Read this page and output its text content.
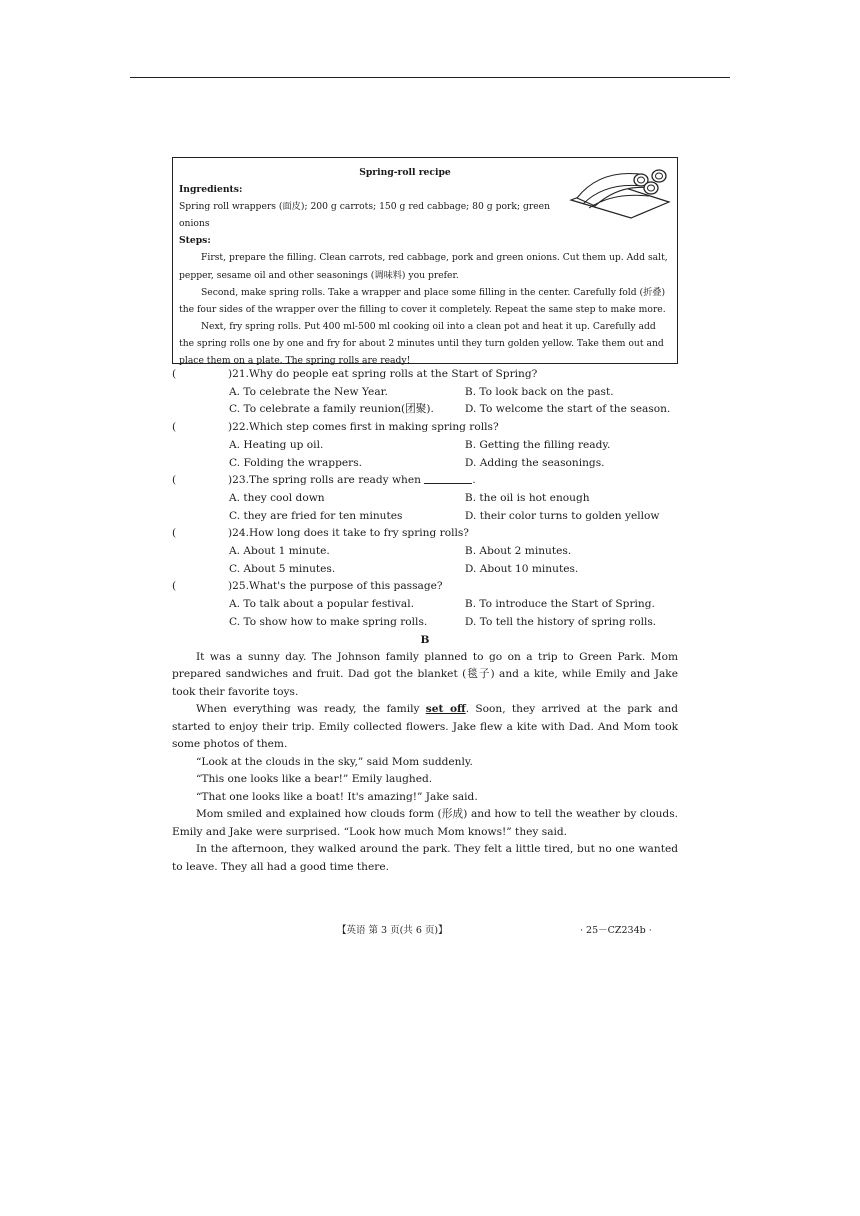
Spring-roll recipe
Ingredients:
Spring roll wrappers (面皮); 200 g carrots; 150 g red cabbage; 80 g pork; green onions
Steps:
First, prepare the filling. Clean carrots, red cabbage, pork and green onions. Cut them up. Add salt, pepper, sesame oil and other seasonings (调味料) you prefer.
Second, make spring rolls. Take a wrapper and place some filling in the center. Carefully fold (折叠) the four sides of the wrapper over the filling to cover it completely. Repeat the same step to make more.
Next, fry spring rolls. Put 400 ml-500 ml cooking oil into a clean pot and heat it up. Carefully add the spring rolls one by one and fry for about 2 minutes until they turn golden yellow. Take them out and place them on a plate. The spring rolls are ready!
(	)21. Why do people eat spring rolls at the Start of Spring?
A. To celebrate the New Year.	B. To look back on the past.
C. To celebrate a family reunion(团聚).	D. To welcome the start of the season.
(	)22. Which step comes first in making spring rolls?
A. Heating up oil.	B. Getting the filling ready.
C. Folding the wrappers.	D. Adding the seasonings.
(	)23. The spring rolls are ready when
	.
A. they cool down	B. the oil is hot enough
C. they are fried for ten minutes	D. their color turns to golden yellow
(	)24. How long does it take to fry spring rolls?
A. About 1 minute.	B. About 2 minutes.
C. About 5 minutes.	D. About 10 minutes.
(	)25. What's the purpose of this passage?
A. To talk about a popular festival.	B. To introduce the Start of Spring.
C. To show how to make spring rolls.	D. To tell the history of spring rolls.
B

It was a sunny day. The Johnson family planned to go on a trip to Green Park. Mom prepared sandwiches and fruit. Dad got the blanket (毯子) and a kite, while Emily and Jake took their favorite toys.

When everything was ready, the family set off. Soon, they arrived at the park and started to enjoy their trip. Emily collected flowers. Jake flew a kite with Dad. And Mom took some photos of them.

“Look at the clouds in the sky,” said Mom suddenly.

“This one looks like a bear!” Emily laughed.

“That one looks like a boat! It's amazing!” Jake said.

Mom smiled and explained how clouds form (形成) and how to tell the weather by clouds. Emily and Jake were surprised. “Look how much Mom knows!” they said.

In the afternoon, they walked around the park. They felt a little tired, but no one wanted to leave. They all had a good time there.

【英语 第 3 页(共 6 页)】	· 25－CZ234b ·
